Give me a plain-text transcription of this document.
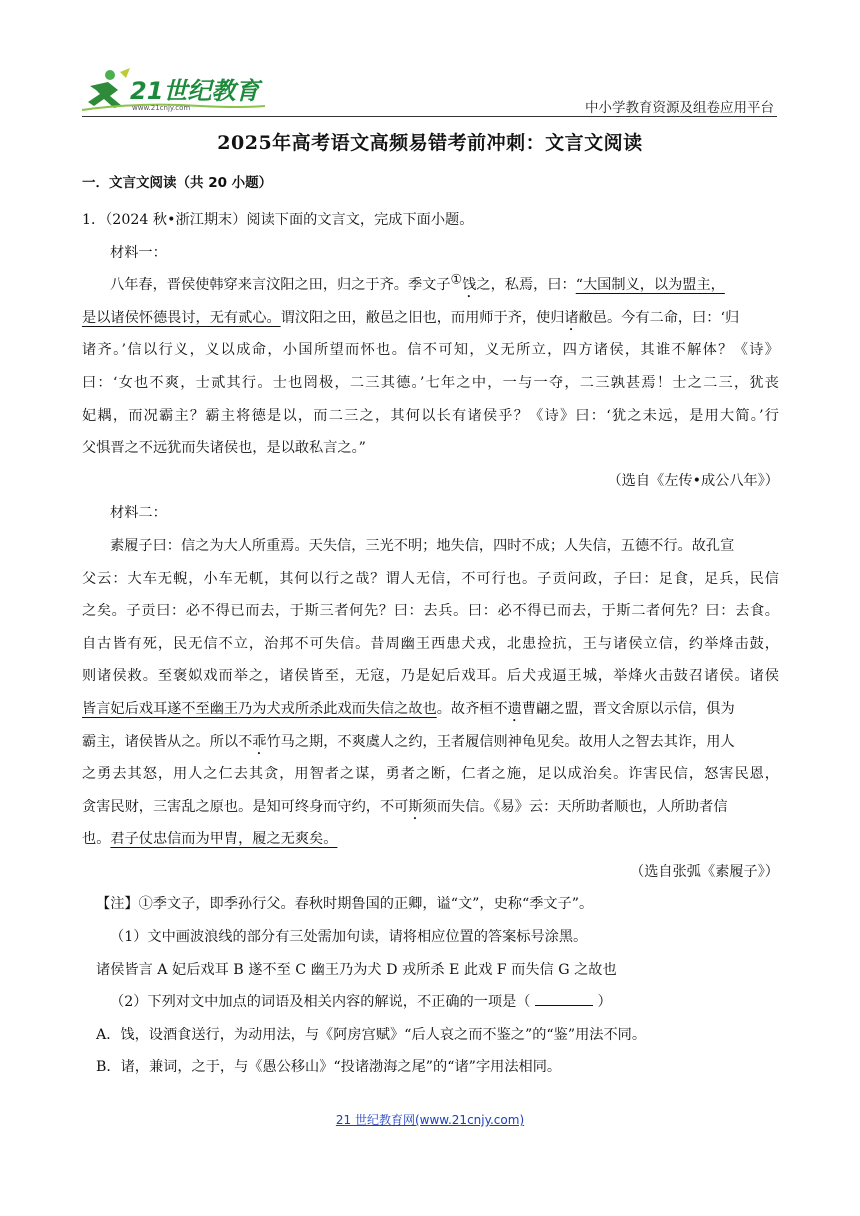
21世纪教育
www.21cnjy.com	中小学教育资源及组卷应用平台
2025年高考语文高频易错考前冲刺：文言文阅读
一．文言文阅读（共 20 小题）
1．（2024 秋•浙江期末）阅读下面的文言文，完成下面小题。
材料一：
八年春，晋侯使韩穿来言汶阳之田，归之于齐。季文子①饯之，私焉，曰：“大国制义，以为盟主，
是以诸侯怀德畏讨，无有贰心。谓汶阳之田，敝邑之旧也，而用师于齐，使归诸敝邑。今有二命，曰：‘归
诸齐。’信以行义，义以成命，小国所望而怀也。信不可知，义无所立，四方诸侯，其谁不解体？《诗》
曰：‘女也不爽，士贰其行。士也罔极，二三其德。’七年之中，一与一夺，二三孰甚焉！士之二三，犹丧
妃耦，而况霸主？霸主将德是以，而二三之，其何以长有诸侯乎？《诗》曰：‘犹之未远，是用大简。’行
父惧晋之不远犹而失诸侯也，是以敢私言之。”
（选自《左传•成公八年》）
材料二：
素履子曰：信之为大人所重焉。天失信，三光不明；地失信，四时不成；人失信，五德不行。故孔宣
父云：大车无輗，小车无軏，其何以行之哉？谓人无信，不可行也。子贡问政，子曰：足食，足兵，民信
之矣。子贡曰：必不得已而去，于斯三者何先？曰：去兵。曰：必不得已而去，于斯二者何先？曰：去食。
自古皆有死，民无信不立，治邦不可失信。昔周幽王西患犬戎，北患捡抗，王与诸侯立信，约举烽击鼓，
则诸侯救。至褒姒戏而举之，诸侯皆至，无寇，乃是妃后戏耳。后犬戎逼王城，举烽火击鼓召诸侯。诸侯
皆言妃后戏耳遂不至幽王乃为犬戎所杀此戏而失信之故也。故齐桓不遗曹翩之盟，晋文舍原以示信，俱为
霸主，诸侯皆从之。所以不乖竹马之期，不爽虞人之约，王者履信则神龟见矣。故用人之智去其诈，用人
之勇去其怒，用人之仁去其贪，用智者之谋，勇者之断，仁者之施，足以成治矣。诈害民信，怒害民恩，
贪害民财，三害乱之原也。是知可终身而守约，不可斯须而失信。《易》云：天所助者顺也，人所助者信
也。君子仗忠信而为甲胄，履之无爽矣。
（选自张弧《素履子》）
【注】①季文子，即季孙行父。春秋时期鲁国的正卿，谥“文”，史称“季文子”。
（1）文中画波浪线的部分有三处需加句读，请将相应位置的答案标号涂黑。
诸侯皆言 A 妃后戏耳 B 遂不至 C 幽王乃为犬 D 戎所杀 E 此戏 F 而失信 G 之故也
（2）下列对文中加点的词语及相关内容的解说，不正确的一项是（	）
A．饯，设酒食送行，为动用法，与《阿房宫赋》“后人哀之而不鉴之”的“鉴”用法不同。
B．诸，兼词，之于，与《愚公移山》“投诸渤海之尾”的“诸”字用法相同。
21 世纪教育网(www.21cnjy.com)
